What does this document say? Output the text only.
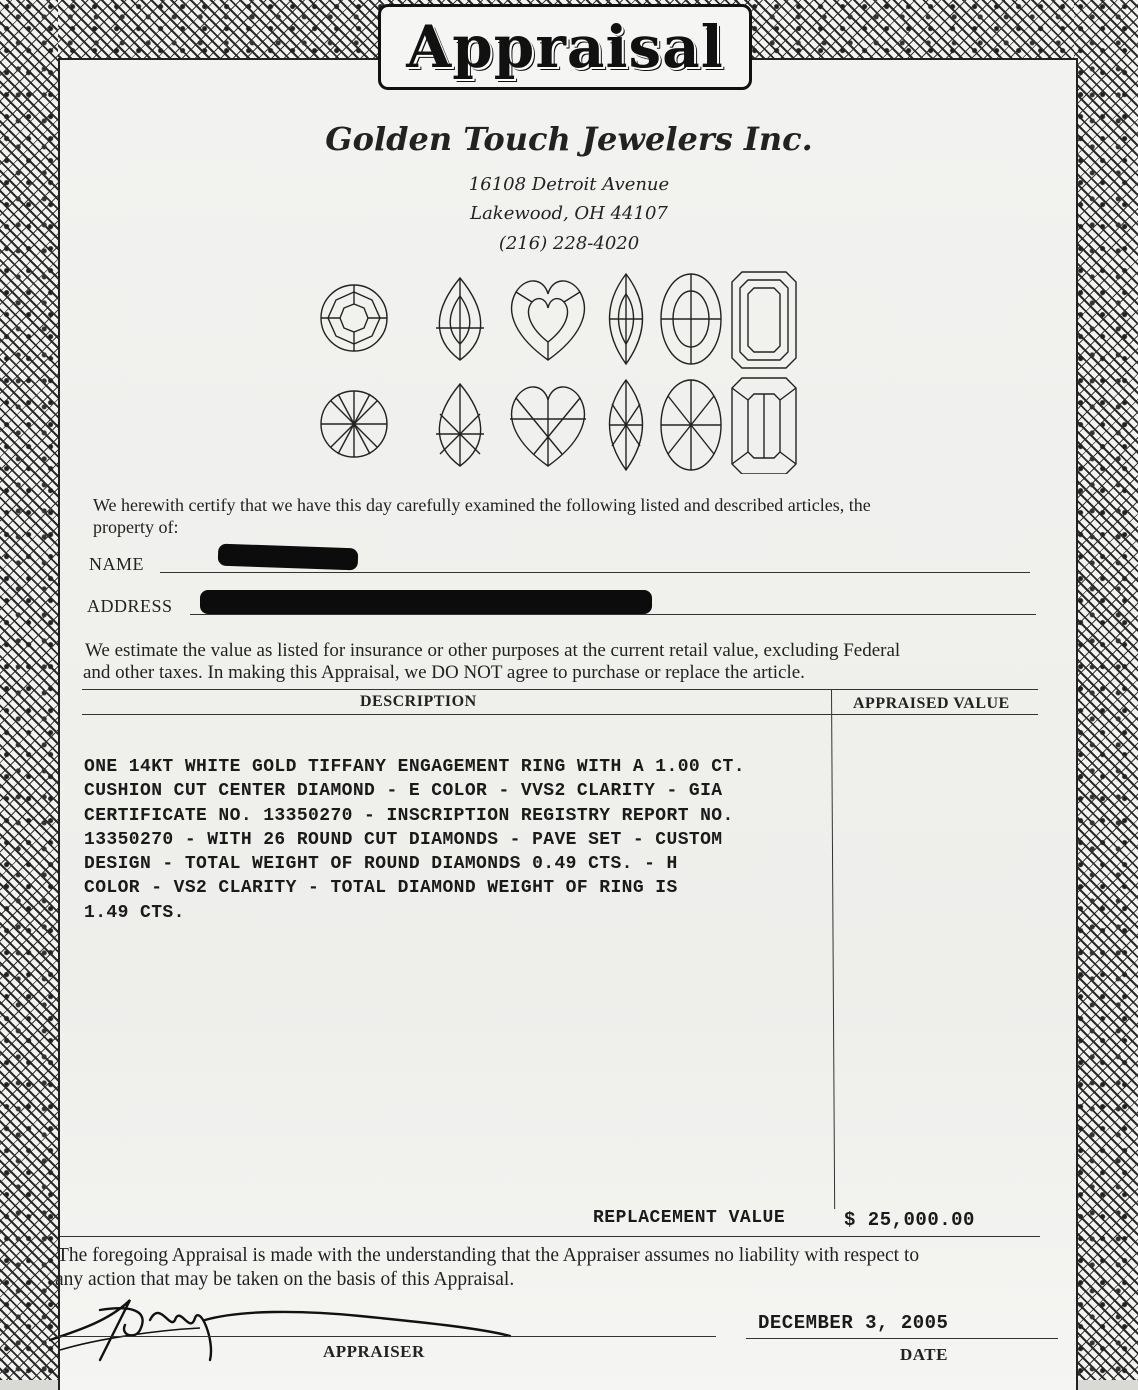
Appraisal
Golden Touch Jewelers Inc.
16108 Detroit Avenue
Lakewood, OH 44107
(216) 228-4020
We herewith certify that we have this day carefully examined the following listed and described articles, the
property of:
NAME
ADDRESS
We estimate the value as listed for insurance or other purposes at the current retail value, excluding Federal
and other taxes. In making this Appraisal, we DO NOT agree to purchase or replace the article.
DESCRIPTION	APPRAISED VALUE
ONE 14KT WHITE GOLD TIFFANY ENGAGEMENT RING WITH A 1.00 CT.
CUSHION CUT CENTER DIAMOND - E COLOR - VVS2 CLARITY - GIA
CERTIFICATE NO. 13350270 - INSCRIPTION REGISTRY REPORT NO.
13350270 - WITH 26 ROUND CUT DIAMONDS - PAVE SET - CUSTOM
DESIGN - TOTAL WEIGHT OF ROUND DIAMONDS 0.49 CTS. - H
COLOR - VS2 CLARITY - TOTAL DIAMOND WEIGHT OF RING IS
1.49 CTS.
REPLACEMENT VALUE	$ 25,000.00
The foregoing Appraisal is made with the understanding that the Appraiser assumes no liability with respect to
any action that may be taken on the basis of this Appraisal.
APPRAISER
DECEMBER 3, 2005
DATE
